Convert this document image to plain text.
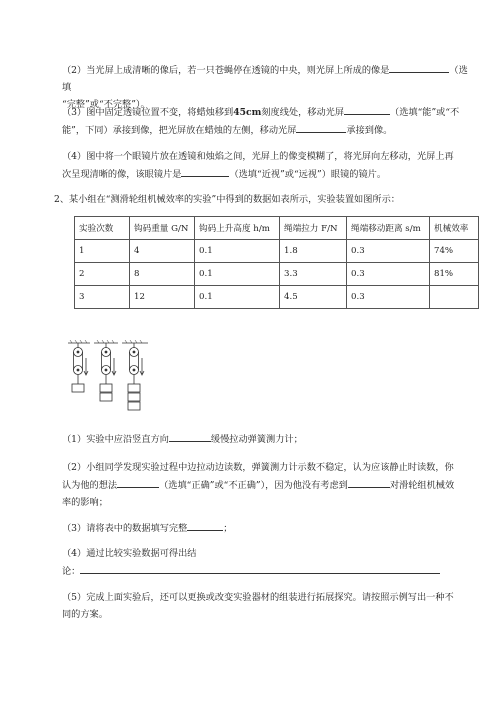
（2）当光屏上成清晰的像后，若一只苍蝇停在透镜的中央，则光屏上所成的像是	（选填
“完整”或“不完整”）。
（3）图中固定透镜位置不变，将蜡烛移到45cm刻度线处，移动光屏	（选填“能”或“不
能”，下同）承接到像，把光屏放在蜡烛的左侧，移动光屏	承接到像。
（4）图中将一个眼镜片放在透镜和烛焰之间，光屏上的像变模糊了，将光屏向左移动，光屏上再
次呈现清晰的像，该眼镜片是	（选填“近视”或“远视”）眼镜的镜片。
2、某小组在“测滑轮组机械效率的实验”中得到的数据如表所示，实验装置如图所示：
实验次数	钩码重量 G/N	钩码上升高度 h/m	绳端拉力 F/N	绳端移动距离 s/m	机械效率
1	4	0.1	1.8	0.3	74%
2	8	0.1	3.3	0.3	81%
3	12	0.1	4.5	0.3	
（1）实验中应沿竖直方向	缓慢拉动弹簧测力计；
（2）小组同学发现实验过程中边拉动边读数，弹簧测力计示数不稳定，认为应该静止时读数，你
认为他的想法	（选填“正确”或“不正确”），因为他没有考虑到	对滑轮组机械效
率的影响；
（3）请将表中的数据填写完整	；
（4）通过比较实验数据可得出结
论：
（5）完成上面实验后，还可以更换或改变实验器材的组装进行拓展探究。请按照示例写出一种不
同的方案。
